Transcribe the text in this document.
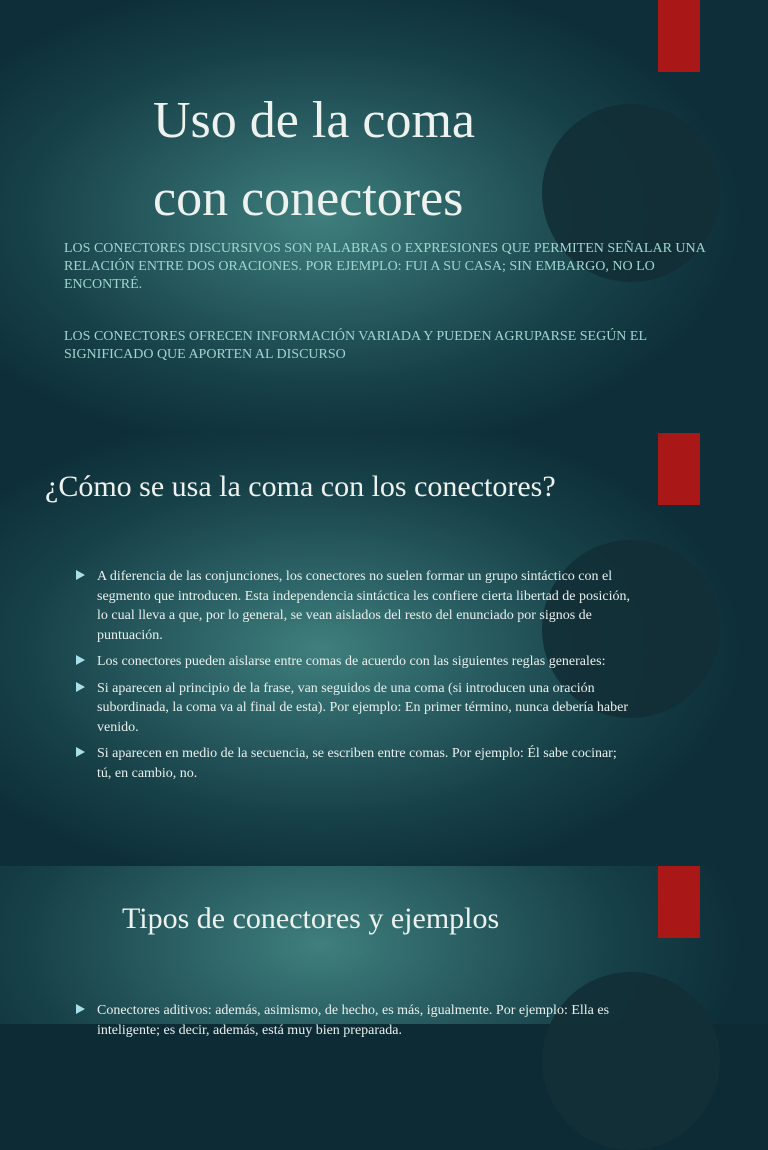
Uso de la coma
con conectores

LOS CONECTORES DISCURSIVOS SON PALABRAS O EXPRESIONES QUE PERMITEN SEÑALAR UNA RELACIÓN ENTRE DOS ORACIONES. POR EJEMPLO: FUI A SU CASA; SIN EMBARGO, NO LO ENCONTRÉ.

LOS CONECTORES OFRECEN INFORMACIÓN VARIADA Y PUEDEN AGRUPARSE SEGÚN EL SIGNIFICADO QUE APORTEN AL DISCURSO

¿Cómo se usa la coma con los conectores?
A diferencia de las conjunciones, los conectores no suelen formar un grupo sintáctico con el segmento que introducen. Esta independencia sintáctica les confiere cierta libertad de posición, lo cual lleva a que, por lo general, se vean aislados del resto del enunciado por signos de puntuación.
Los conectores pueden aislarse entre comas de acuerdo con las siguientes reglas generales:
Si aparecen al principio de la frase, van seguidos de una coma (si introducen una oración subordinada, la coma va al final de esta). Por ejemplo: En primer término, nunca debería haber venido.
Si aparecen en medio de la secuencia, se escriben entre comas. Por ejemplo: Él sabe cocinar; tú, en cambio, no.
Tipos de conectores y ejemplos
Conectores aditivos: además, asimismo, de hecho, es más, igualmente. Por ejemplo: Ella es inteligente; es decir, además, está muy bien preparada.
